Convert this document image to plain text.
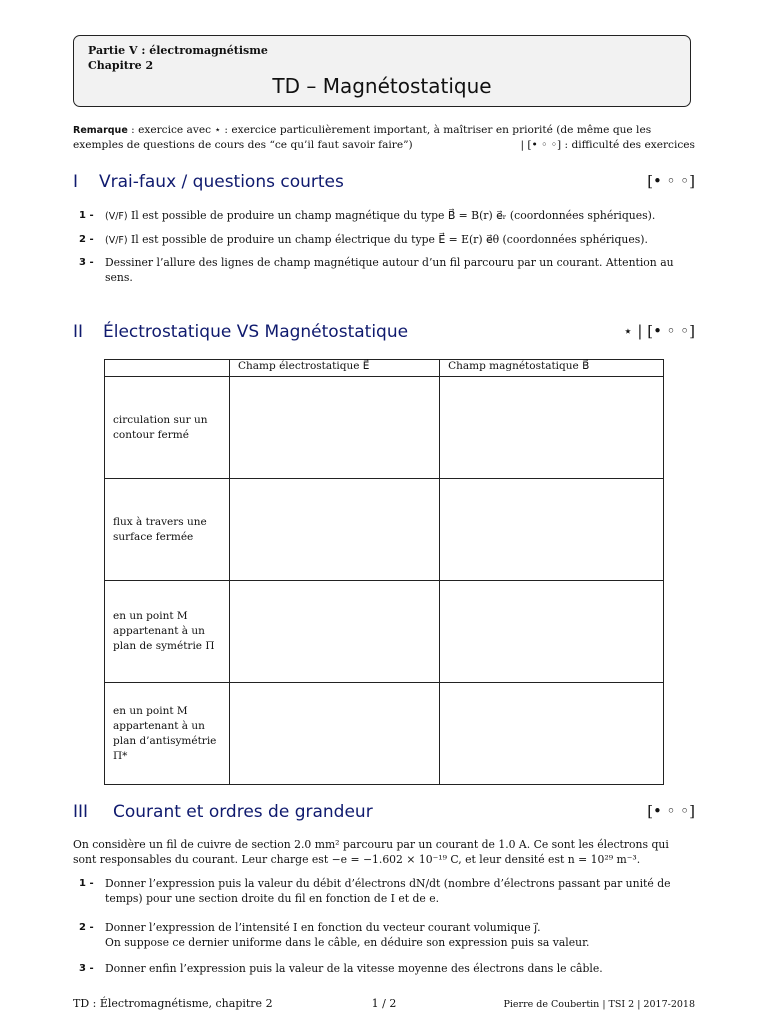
Partie V : électromagnétisme
Chapitre 2
TD – Magnétostatique
Remarque : exercice avec ⋆ : exercice particulièrement important, à maîtriser en priorité (de même que les exemples de questions de cours des “ce qu’il faut savoir faire”)	| [• ◦ ◦] : difficulté des exercices
I Vrai-faux / questions courtes	[• ◦ ◦]
1 - (V/F) Il est possible de produire un champ magnétique du type B⃗ = B(r) e⃗ᵣ (coordonnées sphériques).
2 - (V/F) Il est possible de produire un champ électrique du type E⃗ = E(r) e⃗θ (coordonnées sphériques).
3 - Dessiner l’allure des lignes de champ magnétique autour d’un fil parcouru par un courant. Attention au sens.
II Électrostatique VS Magnétostatique	⋆ | [• ◦ ◦]
	Champ électrostatique E⃗	Champ magnétostatique B⃗
circulation sur un contour fermé		
flux à travers une surface fermée		
en un point M appartenant à un plan de symétrie Π		
en un point M appartenant à un plan d’antisymétrie Π*		
III Courant et ordres de grandeur	[• ◦ ◦]
On considère un fil de cuivre de section 2.0 mm² parcouru par un courant de 1.0 A. Ce sont les électrons qui sont responsables du courant. Leur charge est −e = −1.602 × 10⁻¹⁹ C, et leur densité est n = 10²⁹ m⁻³.
1 - Donner l’expression puis la valeur du débit d’électrons dN/dt (nombre d’électrons passant par unité de temps) pour une section droite du fil en fonction de I et de e.
2 - Donner l’expression de l’intensité I en fonction du vecteur courant volumique j⃗.
On suppose ce dernier uniforme dans le câble, en déduire son expression puis sa valeur.
3 - Donner enfin l’expression puis la valeur de la vitesse moyenne des électrons dans le câble.
TD : Électromagnétisme, chapitre 2	1 / 2	Pierre de Coubertin | TSI 2 | 2017-2018
